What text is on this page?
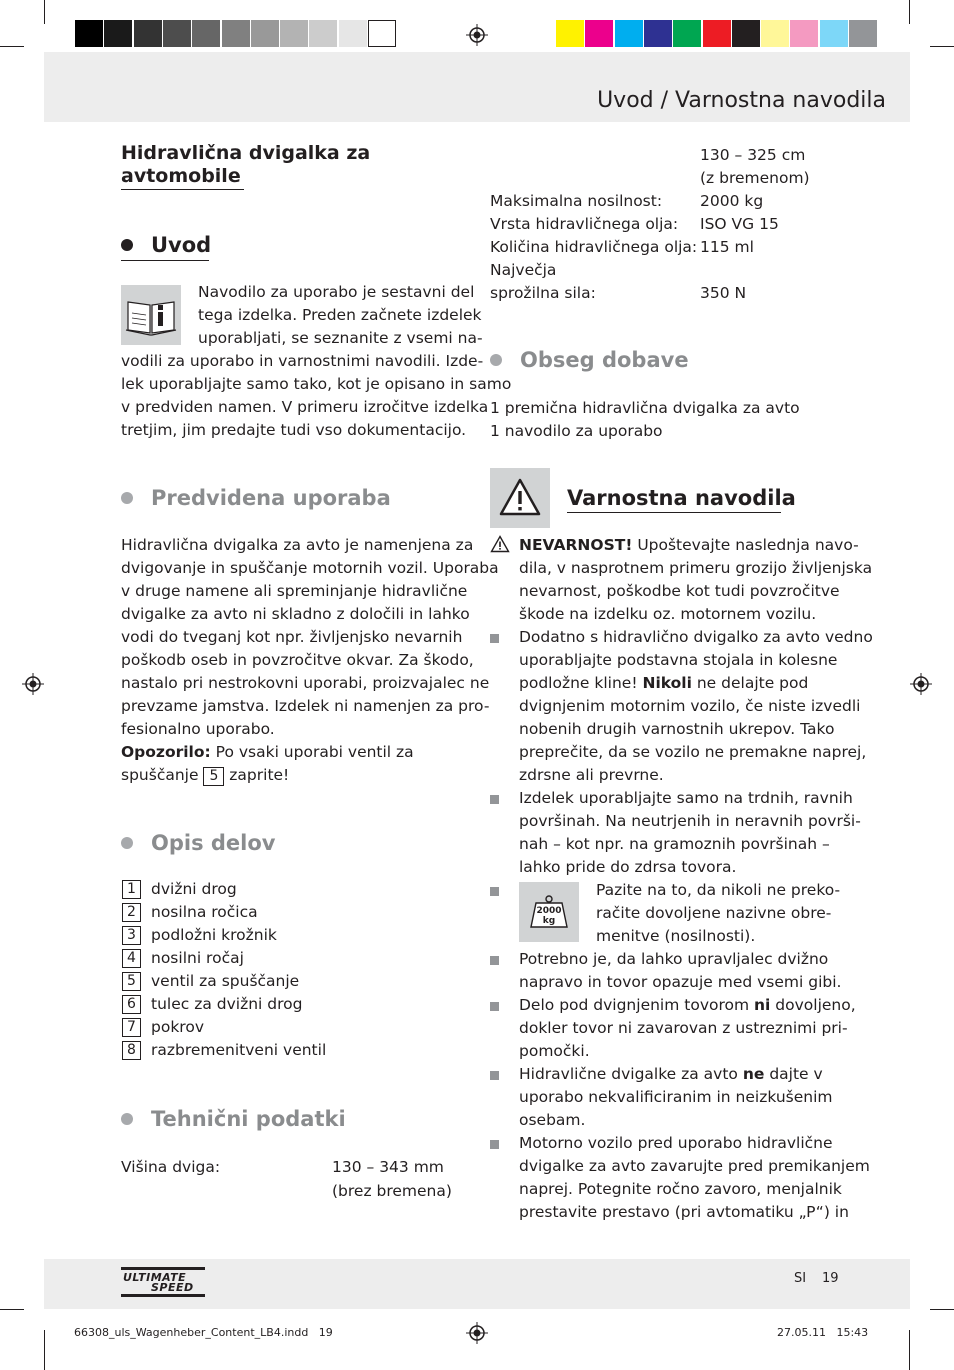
Uvod / Varnostna navodila
Hidravlična dvigalka za
avtomobile
Uvod
Navodilo za uporabo je sestavni del
tega izdelka. Preden začnete izdelek
uporabljati, se seznanite z vsemi na-
vodili za uporabo in varnostnimi navodili. Izde-
lek uporabljajte samo tako, kot je opisano in samo
v predviden namen. V primeru izročitve izdelka
tretjim, jim predajte tudi vso dokumentacijo.
Predvidena uporaba
Hidravlična dvigalka za avto je namenjena za
dvigovanje in spuščanje motornih vozil. Uporaba
v druge namene ali spreminjanje hidravlične
dvigalke za avto ni skladno z določili in lahko
vodi do tveganj kot npr. življenjsko nevarnih
poškodb oseb in povzročitve okvar. Za škodo,
nastalo pri nestrokovni uporabi, proizvajalec ne
prevzame jamstva. Izdelek ni namenjen za pro-
fesionalno uporabo.
Opozorilo: Po vsaki uporabi ventil za
spuščanje 5 zaprite!
Opis delov
1 dvižni drog
2 nosilna ročica
3 podložni krožnik
4 nosilni ročaj
5 ventil za spuščanje
6 tulec za dvižni drog
7 pokrov
8 razbremenitveni ventil
Tehnični podatki
Višina dviga:	130 – 343 mm
(brez bremena)
130 – 325 cm
(z bremenom)
Maksimalna nosilnost: 2000 kg
Vrsta hidravličnega olja: ISO VG 15
Količina hidravličnega olja: 115 ml
Največja
sprožilna sila:	350 N
Obseg dobave
1 premična hidravlična dvigalka za avto
1 navodilo za uporabo
Varnostna navodila
NEVARNOST! Upoštevajte naslednja navo-
dila, v nasprotnem primeru grozijo življenjska
nevarnost, poškodbe kot tudi povzročitve
škode na izdelku oz. motornem vozilu.
Dodatno s hidravlično dvigalko za avto vedno
uporabljajte podstavna stojala in kolesne
podložne kline! Nikoli ne delajte pod
dvignjenim motornim vozilo, če niste izvedli
nobenih drugih varnostnih ukrepov. Tako
preprečite, da se vozilo ne premakne naprej,
zdrsne ali prevrne.
Izdelek uporabljajte samo na trdnih, ravnih
površinah. Na neutrjenih in neravnih površi-
nah – kot npr. na gramoznih površinah –
lahko pride do zdrsa tovora.
2000
kg
Pazite na to, da nikoli ne preko-
račite dovoljene nazivne obre-
menitve (nosilnosti).
Potrebno je, da lahko upravljalec dvižno
napravo in tovor opazuje med vsemi gibi.
Delo pod dvignjenim tovorom ni dovoljeno,
dokler tovor ni zavarovan z ustreznimi pri-
pomočki.
Hidravlične dvigalke za avto ne dajte v
uporabo nekvalificiranim in neizkušenim
osebam.
Motorno vozilo pred uporabo hidravlične
dvigalke za avto zavarujte pred premikanjem
naprej. Potegnite ročno zavoro, menjalnik
prestavite prestavo (pri avtomatiku „P“) in
ULTIMATE
SPEED
SI 19
66308_uls_Wagenheber_Content_LB4.indd   19	27.05.11   15:43
